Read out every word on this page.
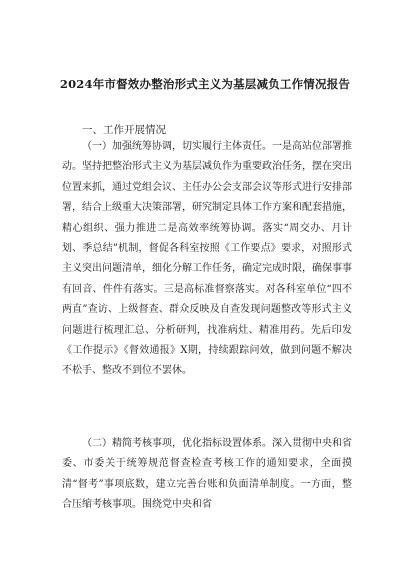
2024年市督效办整治形式主义为基层减负工作情况报告
一、工作开展情况

（一）加强统筹协调，切实履行主体责任。一是高站位部署推动。坚持把整治形式主义为基层减负作为重要政治任务，摆在突出位置来抓，通过党组会议、主任办公会支部会议等形式进行安排部署，结合上级重大决策部署，研究制定具体工作方案和配套措施，精心组织、强力推进二是高效率统筹协调。落实“周交办、月计划、季总结”机制，督促各科室按照《工作要点》要求，对照形式主义突出问题清单，细化分解工作任务，确定完成时限，确保事事有回音、件件有落实。三是高标准督察落实。对各科室单位“四不两直”查访、上级督查、群众反映及自查发现问题整改等形式主义问题进行梳理汇总、分析研判，找准病灶、精准用药。先后印发《工作提示》《督效通报》X期，持续跟踪问效，做到问题不解决不松手、整改不到位不罢休。

（二）精简考核事项，优化指标设置体系。深入贯彻中央和省委、市委关于统筹规范督查检查考核工作的通知要求，全面摸清“督考”事项底数，建立完善台账和负面清单制度。一方面，整合压缩考核事项。围绕党中央和省
